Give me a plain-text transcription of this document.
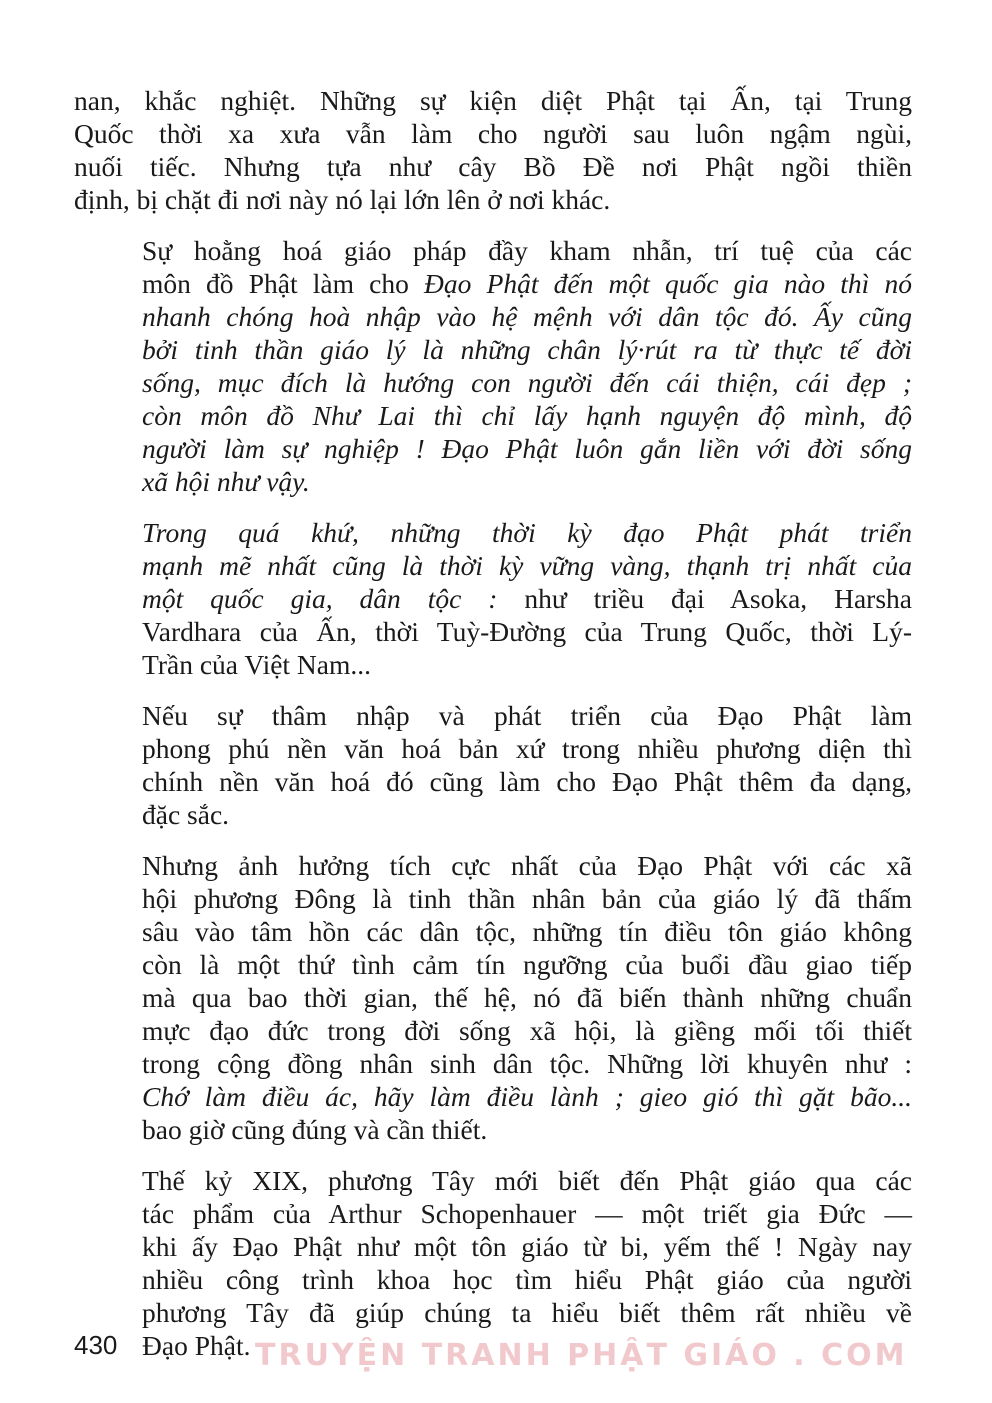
nan, khắc nghiệt. Những sự kiện diệt Phật tại Ấn, tại Trung
Quốc thời xa xưa vẫn làm cho người sau luôn ngậm ngùi,
nuối tiếc. Nhưng tựa như cây Bồ Đề nơi Phật ngồi thiền
định, bị chặt đi nơi này nó lại lớn lên ở nơi khác.
Sự hoằng hoá giáo pháp đầy kham nhẫn, trí tuệ của các
môn đồ Phật làm cho Đạo Phật đến một quốc gia nào thì nó
nhanh chóng hoà nhập vào hệ mệnh với dân tộc đó. Ấy cũng
bởi tinh thần giáo lý là những chân lý·rút ra từ thực tế đời
sống, mục đích là hướng con người đến cái thiện, cái đẹp ;
còn môn đồ Như Lai thì chỉ lấy hạnh nguyện độ mình, độ
người làm sự nghiệp ! Đạo Phật luôn gắn liền với đời sống
xã hội như vậy.
Trong quá khứ, những thời kỳ đạo Phật phát triển
mạnh mẽ nhất cũng là thời kỳ vững vàng, thạnh trị nhất của
một quốc gia, dân tộc : như triều đại Asoka, Harsha
Vardhara của Ấn, thời Tuỳ-Đường của Trung Quốc, thời Lý-
Trần của Việt Nam...
Nếu sự thâm nhập và phát triển của Đạo Phật làm
phong phú nền văn hoá bản xứ trong nhiều phương diện thì
chính nền văn hoá đó cũng làm cho Đạo Phật thêm đa dạng,
đặc sắc.
Nhưng ảnh hưởng tích cực nhất của Đạo Phật với các xã
hội phương Đông là tinh thần nhân bản của giáo lý đã thấm
sâu vào tâm hồn các dân tộc, những tín điều tôn giáo không
còn là một thứ tình cảm tín ngưỡng của buổi đầu giao tiếp
mà qua bao thời gian, thế hệ, nó đã biến thành những chuẩn
mực đạo đức trong đời sống xã hội, là giềng mối tối thiết
trong cộng đồng nhân sinh dân tộc. Những lời khuyên như :
Chớ làm điều ác, hãy làm điều lành ; gieo gió thì gặt bão...
bao giờ cũng đúng và cần thiết.
Thế kỷ XIX, phương Tây mới biết đến Phật giáo qua các
tác phẩm của Arthur Schopenhauer — một triết gia Đức —
khi ấy Đạo Phật như một tôn giáo từ bi, yếm thế ! Ngày nay
nhiều công trình khoa học tìm hiểu Phật giáo của người
phương Tây đã giúp chúng ta hiểu biết thêm rất nhiều về
Đạo Phật.
430	TRUYỆN TRANH PHẬT GIÁO . COM
